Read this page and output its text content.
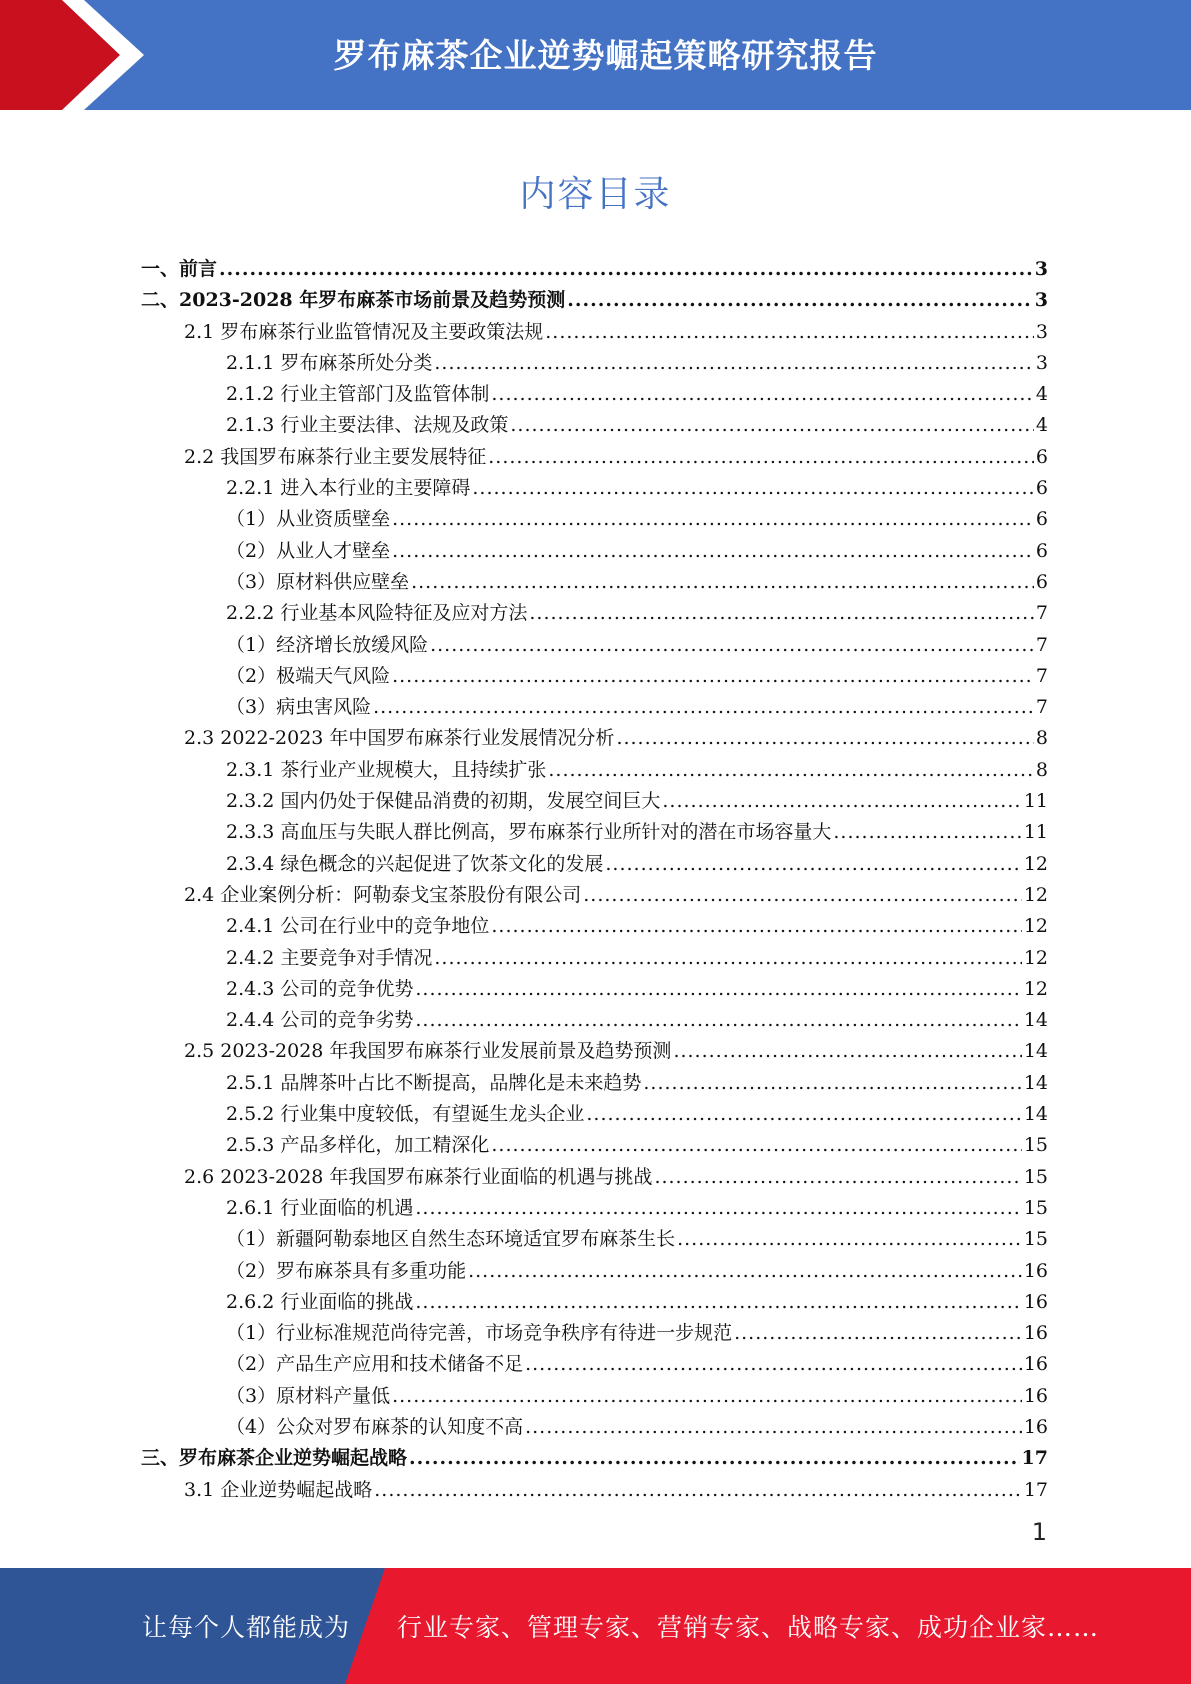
罗布麻茶企业逆势崛起策略研究报告
内容目录
一、前言 .....	3
二、2023-2028 年罗布麻茶市场前景及趋势预测 .....	3
2.1 罗布麻茶行业监管情况及主要政策法规 .....	3
2.1.1 罗布麻茶所处分类 .....	3
2.1.2 行业主管部门及监管体制 .....	4
2.1.3 行业主要法律、法规及政策 .....	4
2.2 我国罗布麻茶行业主要发展特征 .....	6
2.2.1 进入本行业的主要障碍 .....	6
（1）从业资质壁垒 .....	6
（2）从业人才壁垒 .....	6
（3）原材料供应壁垒 .....	6
2.2.2 行业基本风险特征及应对方法 .....	7
（1）经济增长放缓风险 .....	7
（2）极端天气风险 .....	7
（3）病虫害风险 .....	7
2.3 2022-2023 年中国罗布麻茶行业发展情况分析 .....	8
2.3.1 茶行业产业规模大，且持续扩张 .....	8
2.3.2 国内仍处于保健品消费的初期，发展空间巨大 .....	11
2.3.3 高血压与失眠人群比例高，罗布麻茶行业所针对的潜在市场容量大 .....	11
2.3.4 绿色概念的兴起促进了饮茶文化的发展 .....	12
2.4 企业案例分析：阿勒泰戈宝茶股份有限公司 .....	12
2.4.1 公司在行业中的竞争地位 .....	12
2.4.2 主要竞争对手情况 .....	12
2.4.3 公司的竞争优势 .....	12
2.4.4 公司的竞争劣势 .....	14
2.5 2023-2028 年我国罗布麻茶行业发展前景及趋势预测 .....	14
2.5.1 品牌茶叶占比不断提高，品牌化是未来趋势 .....	14
2.5.2 行业集中度较低，有望诞生龙头企业 .....	14
2.5.3 产品多样化，加工精深化 .....	15
2.6 2023-2028 年我国罗布麻茶行业面临的机遇与挑战 .....	15
2.6.1 行业面临的机遇 .....	15
（1）新疆阿勒泰地区自然生态环境适宜罗布麻茶生长 .....	15
（2）罗布麻茶具有多重功能 .....	16
2.6.2 行业面临的挑战 .....	16
（1）行业标准规范尚待完善，市场竞争秩序有待进一步规范 .....	16
（2）产品生产应用和技术储备不足 .....	16
（3）原材料产量低 .....	16
（4）公众对罗布麻茶的认知度不高 .....	16
三、罗布麻茶企业逆势崛起战略 .....	17
3.1 企业逆势崛起战略 .....	17
1
让每个人都能成为 行业专家、管理专家、营销专家、战略专家、成功企业家……
